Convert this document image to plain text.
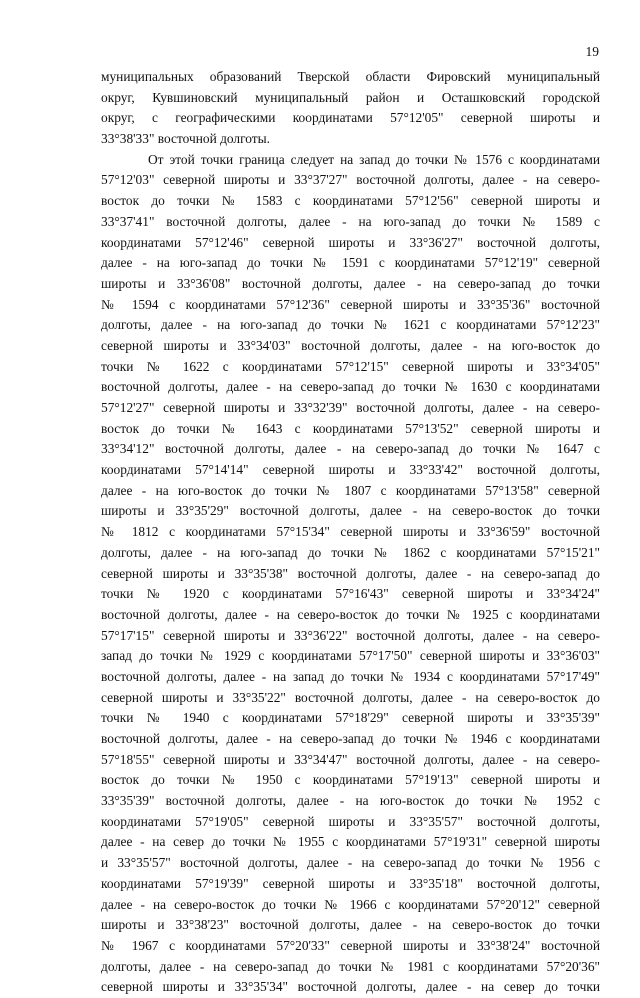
19
муниципальных образований Тверской области Фировский муниципальный
округ, Кувшиновский муниципальный район и Осташковский городской
округ, с географическими координатами 57°12'05" северной широты и
33°38'33" восточной долготы.
От этой точки граница следует на запад до точки № 1576 с координатами
57°12'03" северной широты и 33°37'27" восточной долготы, далее - на северо-
восток до точки № 1583 с координатами 57°12'56" северной широты и
33°37'41" восточной долготы, далее - на юго-запад до точки № 1589 с
координатами 57°12'46" северной широты и 33°36'27" восточной долготы,
далее - на юго-запад до точки № 1591 с координатами 57°12'19" северной
широты и 33°36'08" восточной долготы, далее - на северо-запад до точки
№ 1594 с координатами 57°12'36" северной широты и 33°35'36" восточной
долготы, далее - на юго-запад до точки № 1621 с координатами 57°12'23"
северной широты и 33°34'03" восточной долготы, далее - на юго-восток до
точки № 1622 с координатами 57°12'15" северной широты и 33°34'05"
восточной долготы, далее - на северо-запад до точки № 1630 с координатами
57°12'27" северной широты и 33°32'39" восточной долготы, далее - на северо-
восток до точки № 1643 с координатами 57°13'52" северной широты и
33°34'12" восточной долготы, далее - на северо-запад до точки № 1647 с
координатами 57°14'14" северной широты и 33°33'42" восточной долготы,
далее - на юго-восток до точки № 1807 с координатами 57°13'58" северной
широты и 33°35'29" восточной долготы, далее - на северо-восток до точки
№ 1812 с координатами 57°15'34" северной широты и 33°36'59" восточной
долготы, далее - на юго-запад до точки № 1862 с координатами 57°15'21"
северной широты и 33°35'38" восточной долготы, далее - на северо-запад до
точки № 1920 с координатами 57°16'43" северной широты и 33°34'24"
восточной долготы, далее - на северо-восток до точки № 1925 с координатами
57°17'15" северной широты и 33°36'22" восточной долготы, далее - на северо-
запад до точки № 1929 с координатами 57°17'50" северной широты и 33°36'03"
восточной долготы, далее - на запад до точки № 1934 с координатами 57°17'49"
северной широты и 33°35'22" восточной долготы, далее - на северо-восток до
точки № 1940 с координатами 57°18'29" северной широты и 33°35'39"
восточной долготы, далее - на северо-запад до точки № 1946 с координатами
57°18'55" северной широты и 33°34'47" восточной долготы, далее - на северо-
восток до точки № 1950 с координатами 57°19'13" северной широты и
33°35'39" восточной долготы, далее - на юго-восток до точки № 1952 с
координатами 57°19'05" северной широты и 33°35'57" восточной долготы,
далее - на север до точки № 1955 с координатами 57°19'31" северной широты
и 33°35'57" восточной долготы, далее - на северо-запад до точки № 1956 с
координатами 57°19'39" северной широты и 33°35'18" восточной долготы,
далее - на северо-восток до точки № 1966 с координатами 57°20'12" северной
широты и 33°38'23" восточной долготы, далее - на северо-восток до точки
№ 1967 с координатами 57°20'33" северной широты и 33°38'24" восточной
долготы, далее - на северо-запад до точки № 1981 с координатами 57°20'36"
северной широты и 33°35'34" восточной долготы, далее - на север до точки
